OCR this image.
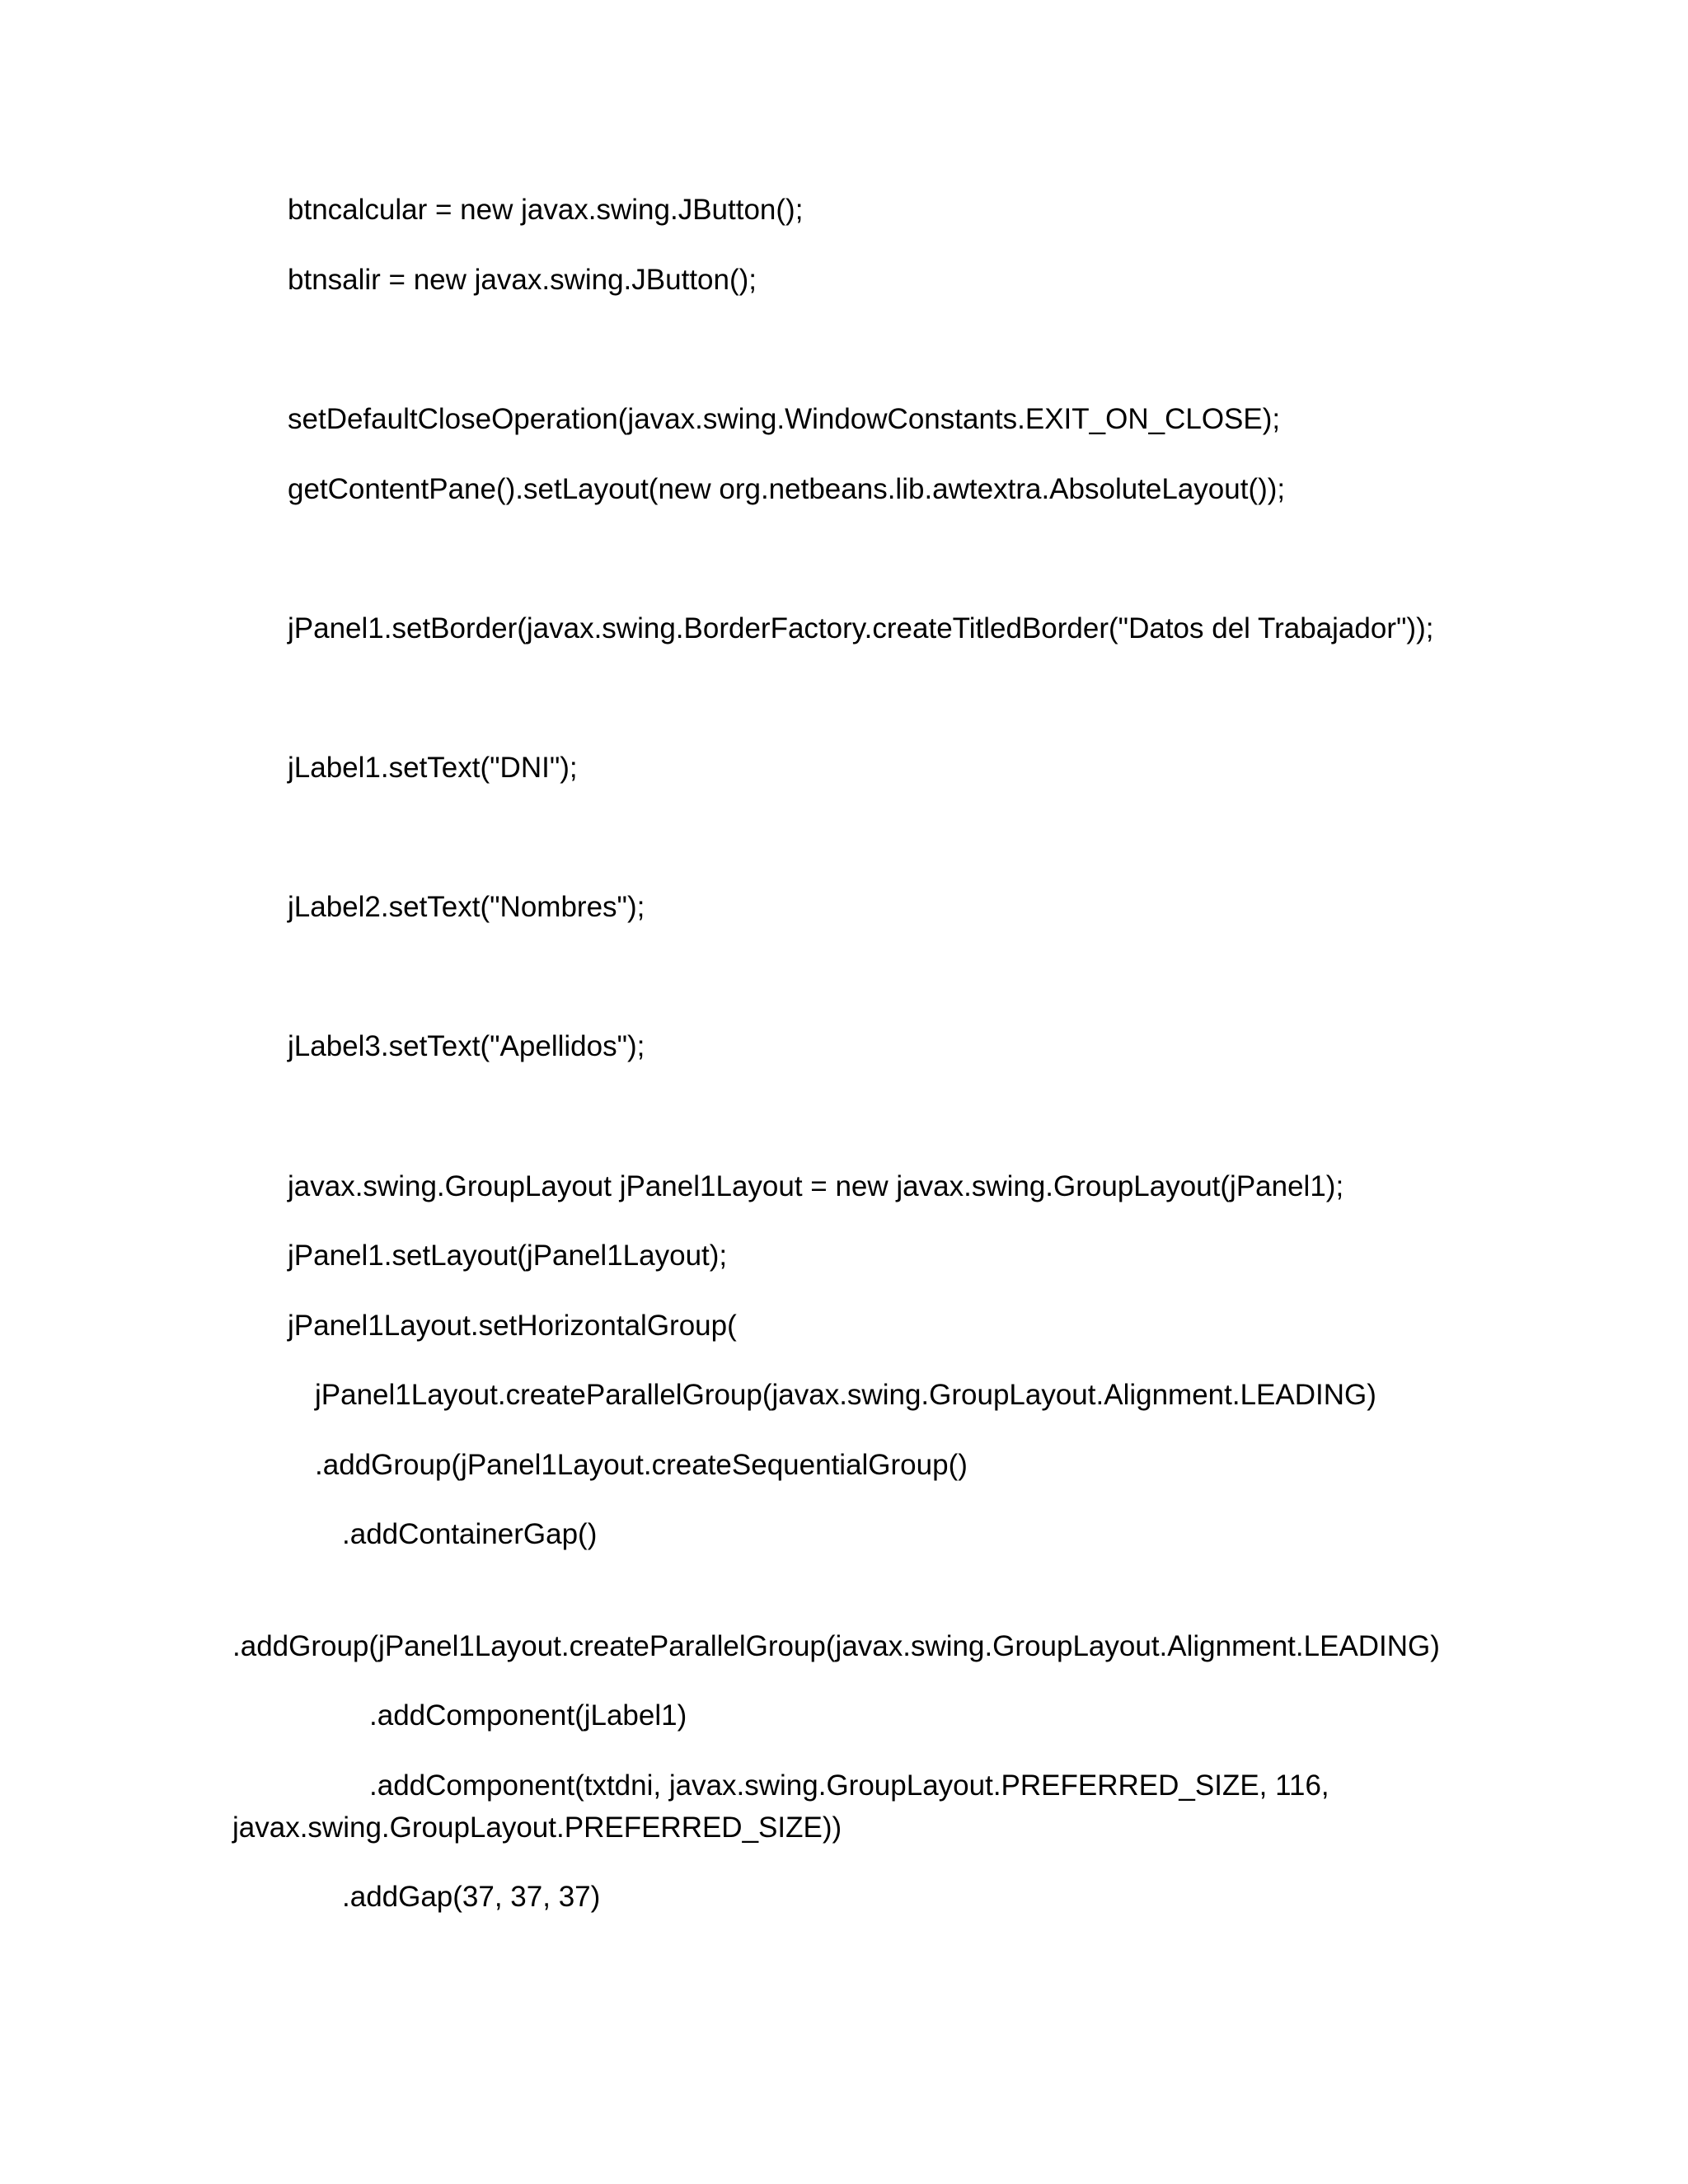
btncalcular = new javax.swing.JButton();

btnsalir = new javax.swing.JButton();

setDefaultCloseOperation(javax.swing.WindowConstants.EXIT_ON_CLOSE);

getContentPane().setLayout(new org.netbeans.lib.awtextra.AbsoluteLayout());

jPanel1.setBorder(javax.swing.BorderFactory.createTitledBorder("Datos del Trabajador"));

jLabel1.setText("DNI");

jLabel2.setText("Nombres");

jLabel3.setText("Apellidos");

javax.swing.GroupLayout jPanel1Layout = new javax.swing.GroupLayout(jPanel1);

jPanel1.setLayout(jPanel1Layout);

jPanel1Layout.setHorizontalGroup(

jPanel1Layout.createParallelGroup(javax.swing.GroupLayout.Alignment.LEADING)

.addGroup(jPanel1Layout.createSequentialGroup()

.addContainerGap()

.addGroup(jPanel1Layout.createParallelGroup(javax.swing.GroupLayout.Alignment.LEADING)

.addComponent(jLabel1)

.addComponent(txtdni, javax.swing.GroupLayout.PREFERRED_SIZE, 116,

javax.swing.GroupLayout.PREFERRED_SIZE))

.addGap(37, 37, 37)
